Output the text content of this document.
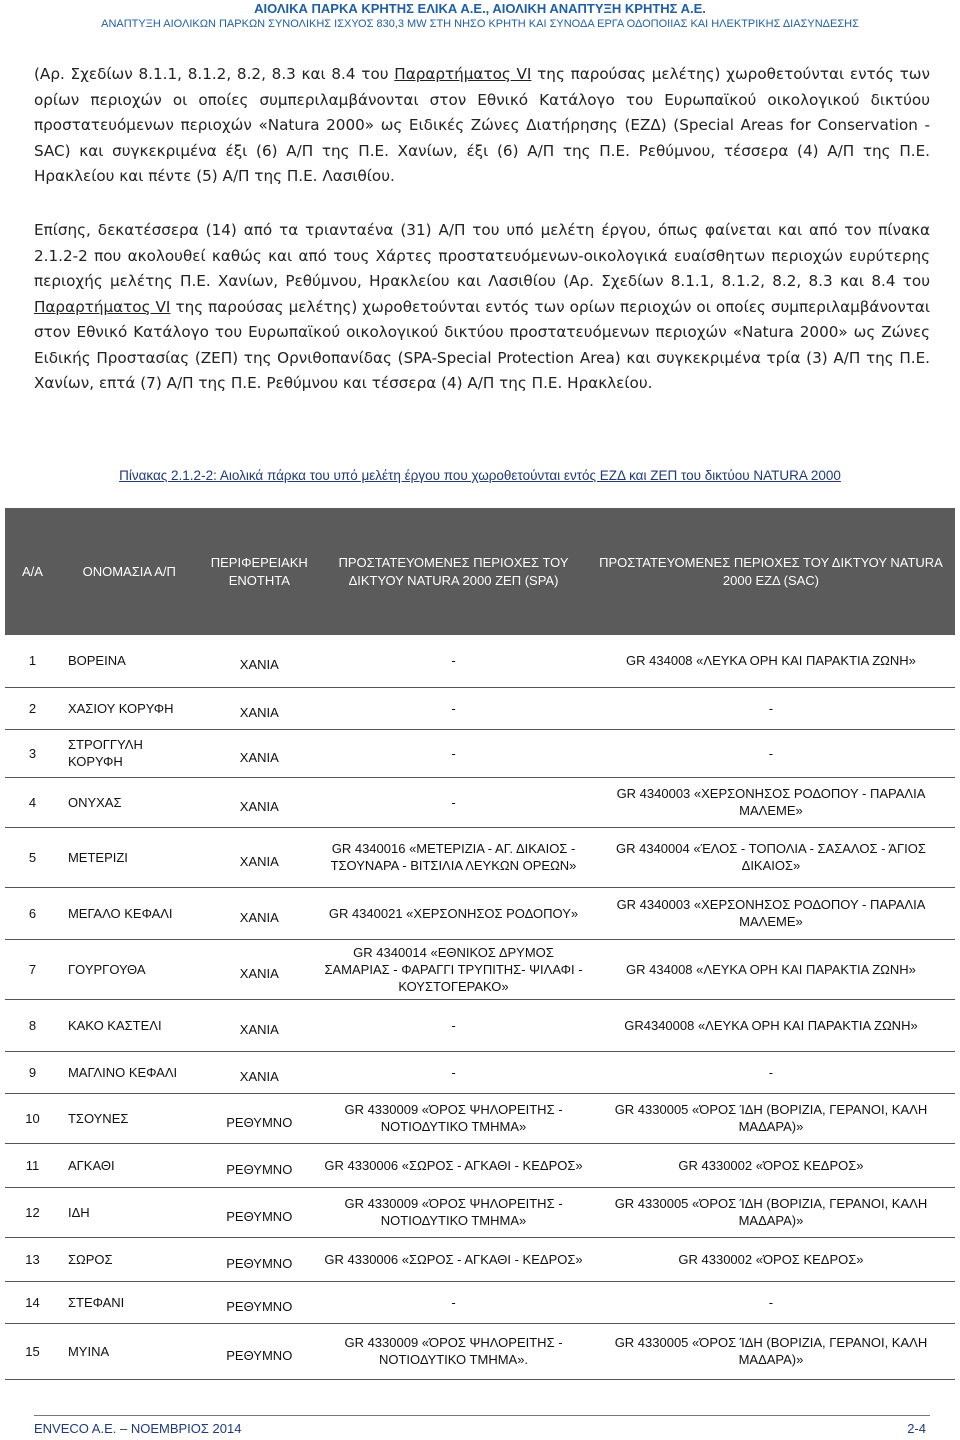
ΑΙΟΛΙΚΑ ΠΑΡΚΑ ΚΡΗΤΗΣ ΕΛΙΚΑ Α.Ε., ΑΙΟΛΙΚΗ ΑΝΑΠΤΥΞΗ ΚΡΗΤΗΣ Α.Ε.
ΑΝΑΠΤΥΞΗ ΑΙΟΛΙΚΩΝ ΠΑΡΚΩΝ ΣΥΝΟΛΙΚΗΣ ΙΣΧΥΟΣ 830,3 MW ΣΤΗ ΝΗΣΟ ΚΡΗΤΗ ΚΑΙ ΣΥΝΟΔΑ ΕΡΓΑ ΟΔΟΠΟΙΙΑΣ ΚΑΙ ΗΛΕΚΤΡΙΚΗΣ ΔΙΑΣΥΝΔΕΣΗΣ
(Αρ. Σχεδίων 8.1.1, 8.1.2, 8.2, 8.3 και 8.4 του Παραρτήματος VI της παρούσας μελέτης) χωροθετούνται εντός των ορίων περιοχών οι οποίες συμπεριλαμβάνονται στον Εθνικό Κατάλογο του Ευρωπαϊκού οικολογικού δικτύου προστατευόμενων περιοχών «Natura 2000» ως Ειδικές Ζώνες Διατήρησης (ΕΖΔ) (Special Areas for Conservation - SAC) και συγκεκριμένα έξι (6) Α/Π της Π.Ε. Χανίων, έξι (6) Α/Π της Π.Ε. Ρεθύμνου, τέσσερα (4) Α/Π της Π.Ε. Ηρακλείου και πέντε (5) Α/Π της Π.Ε. Λασιθίου.
Επίσης, δεκατέσσερα (14) από τα τριανταένα (31) Α/Π του υπό μελέτη έργου, όπως φαίνεται και από τον πίνακα 2.1.2-2 που ακολουθεί καθώς και από τους Χάρτες προστατευόμενων-οικολογικά ευαίσθητων περιοχών ευρύτερης περιοχής μελέτης Π.Ε. Χανίων, Ρεθύμνου, Ηρακλείου και Λασιθίου (Αρ. Σχεδίων 8.1.1, 8.1.2, 8.2, 8.3 και 8.4 του Παραρτήματος VI της παρούσας μελέτης) χωροθετούνται εντός των ορίων περιοχών οι οποίες συμπεριλαμβάνονται στον Εθνικό Κατάλογο του Ευρωπαϊκού οικολογικού δικτύου προστατευόμενων περιοχών «Natura 2000» ως Ζώνες Ειδικής Προστασίας (ΖΕΠ) της Ορνιθοπανίδας (SPA-Special Protection Area) και συγκεκριμένα τρία (3) Α/Π της Π.Ε. Χανίων, επτά (7) Α/Π της Π.Ε. Ρεθύμνου και τέσσερα (4) Α/Π της Π.Ε. Ηρακλείου.
Πίνακας 2.1.2-2: Αιολικά πάρκα του υπό μελέτη έργου που χωροθετούνται εντός ΕΖΔ και ΖΕΠ του δικτύου NATURA 2000
Α/Α	ΟΝΟΜΑΣΙΑ Α/Π	ΠΕΡΙΦΕΡΕΙΑΚΗ ΕΝΟΤΗΤΑ	ΠΡΟΣΤΑΤΕΥΟΜΕΝΕΣ ΠΕΡΙΟΧΕΣ ΤΟΥ ΔΙΚΤΥΟΥ NATURA 2000 ΖΕΠ (SPA)	ΠΡΟΣΤΑΤΕΥΟΜΕΝΕΣ ΠΕΡΙΟΧΕΣ ΤΟΥ ΔΙΚΤΥΟΥ NATURA 2000 ΕΖΔ (SAC)
1	ΒΟΡΕΙΝΑ	ΧΑΝΙΑ	-	GR 434008 «ΛΕΥΚΑ ΟΡΗ ΚΑΙ ΠΑΡΑΚΤΙΑ ΖΩΝΗ»
2	ΧΑΣΙΟΥ ΚΟΡΥΦΗ	ΧΑΝΙΑ	-	-
3	ΣΤΡΟΓΓΥΛΗ ΚΟΡΥΦΗ	ΧΑΝΙΑ	-	-
4	ΟΝΥΧΑΣ	ΧΑΝΙΑ	-	GR 4340003 «ΧΕΡΣΟΝΗΣΟΣ ΡΟΔΟΠΟΥ - ΠΑΡΑΛΙΑ ΜΑΛΕΜΕ»
5	ΜΕΤΕΡΙΖΙ	ΧΑΝΙΑ	GR 4340016 «ΜΕΤΕΡΙΖΙΑ - ΑΓ. ΔΙΚΑΙΟΣ - ΤΣΟΥΝΑΡΑ - ΒΙΤΣΙΛΙΑ ΛΕΥΚΩΝ ΟΡΕΩΝ»	GR 4340004 «ΈΛΟΣ - ΤΟΠΟΛΙΑ - ΣΑΣΑΛΟΣ - ΆΓΙΟΣ ΔΙΚΑΙΟΣ»
6	ΜΕΓΑΛΟ ΚΕΦΑΛΙ	ΧΑΝΙΑ	GR 4340021 «ΧΕΡΣΟΝΗΣΟΣ ΡΟΔΟΠΟΥ»	GR 4340003 «ΧΕΡΣΟΝΗΣΟΣ ΡΟΔΟΠΟΥ - ΠΑΡΑΛΙΑ ΜΑΛΕΜΕ»
7	ΓΟΥΡΓΟΥΘΑ	ΧΑΝΙΑ	GR 4340014 «ΕΘΝΙΚΟΣ ΔΡΥΜΟΣ ΣΑΜΑΡΙΑΣ - ΦΑΡΑΓΓΙ ΤΡΥΠΙΤΗΣ- ΨΙΛΑΦΙ - ΚΟΥΣΤΟΓΕΡΑΚΟ»	GR 434008 «ΛΕΥΚΑ ΟΡΗ ΚΑΙ ΠΑΡΑΚΤΙΑ ΖΩΝΗ»
8	ΚΑΚΟ ΚΑΣΤΕΛΙ	ΧΑΝΙΑ	-	GR4340008 «ΛΕΥΚΑ ΟΡΗ ΚΑΙ ΠΑΡΑΚΤΙΑ ΖΩΝΗ»
9	ΜΑΓΛΙΝΟ ΚΕΦΑΛΙ	ΧΑΝΙΑ	-	-
10	ΤΣΟΥΝΕΣ	ΡΕΘΥΜΝΟ	GR 4330009 «ΌΡΟΣ ΨΗΛΟΡΕΙΤΗΣ - ΝΟΤΙΟΔΥΤΙΚΟ ΤΜΗΜΑ»	GR 4330005 «ΌΡΟΣ ΊΔΗ (ΒΟΡΙΖΙΑ, ΓΕΡΑΝΟΙ, ΚΑΛΗ ΜΑΔΑΡΑ)»
11	ΑΓΚΑΘΙ	ΡΕΘΥΜΝΟ	GR 4330006 «ΣΩΡΟΣ - ΑΓΚΑΘΙ - ΚΕΔΡΟΣ»	GR 4330002 «ΌΡΟΣ ΚΕΔΡΟΣ»
12	ΙΔΗ	ΡΕΘΥΜΝΟ	GR 4330009 «ΌΡΟΣ ΨΗΛΟΡΕΙΤΗΣ - ΝΟΤΙΟΔΥΤΙΚΟ ΤΜΗΜΑ»	GR 4330005 «ΌΡΟΣ ΊΔΗ (ΒΟΡΙΖΙΑ, ΓΕΡΑΝΟΙ, ΚΑΛΗ ΜΑΔΑΡΑ)»
13	ΣΩΡΟΣ	ΡΕΘΥΜΝΟ	GR 4330006 «ΣΩΡΟΣ - ΑΓΚΑΘΙ - ΚΕΔΡΟΣ»	GR 4330002 «ΌΡΟΣ ΚΕΔΡΟΣ»
14	ΣΤΕΦΑΝΙ	ΡΕΘΥΜΝΟ	-	-
15	ΜΥΙΝΑ	ΡΕΘΥΜΝΟ	GR 4330009 «ΌΡΟΣ ΨΗΛΟΡΕΙΤΗΣ - ΝΟΤΙΟΔΥΤΙΚΟ ΤΜΗΜΑ».	GR 4330005 «ΌΡΟΣ ΊΔΗ (ΒΟΡΙΖΙΑ, ΓΕΡΑΝΟΙ, ΚΑΛΗ ΜΑΔΑΡΑ)»
ENVECO A.E. – ΝΟΕΜΒΡΙΟΣ 2014	2-4
